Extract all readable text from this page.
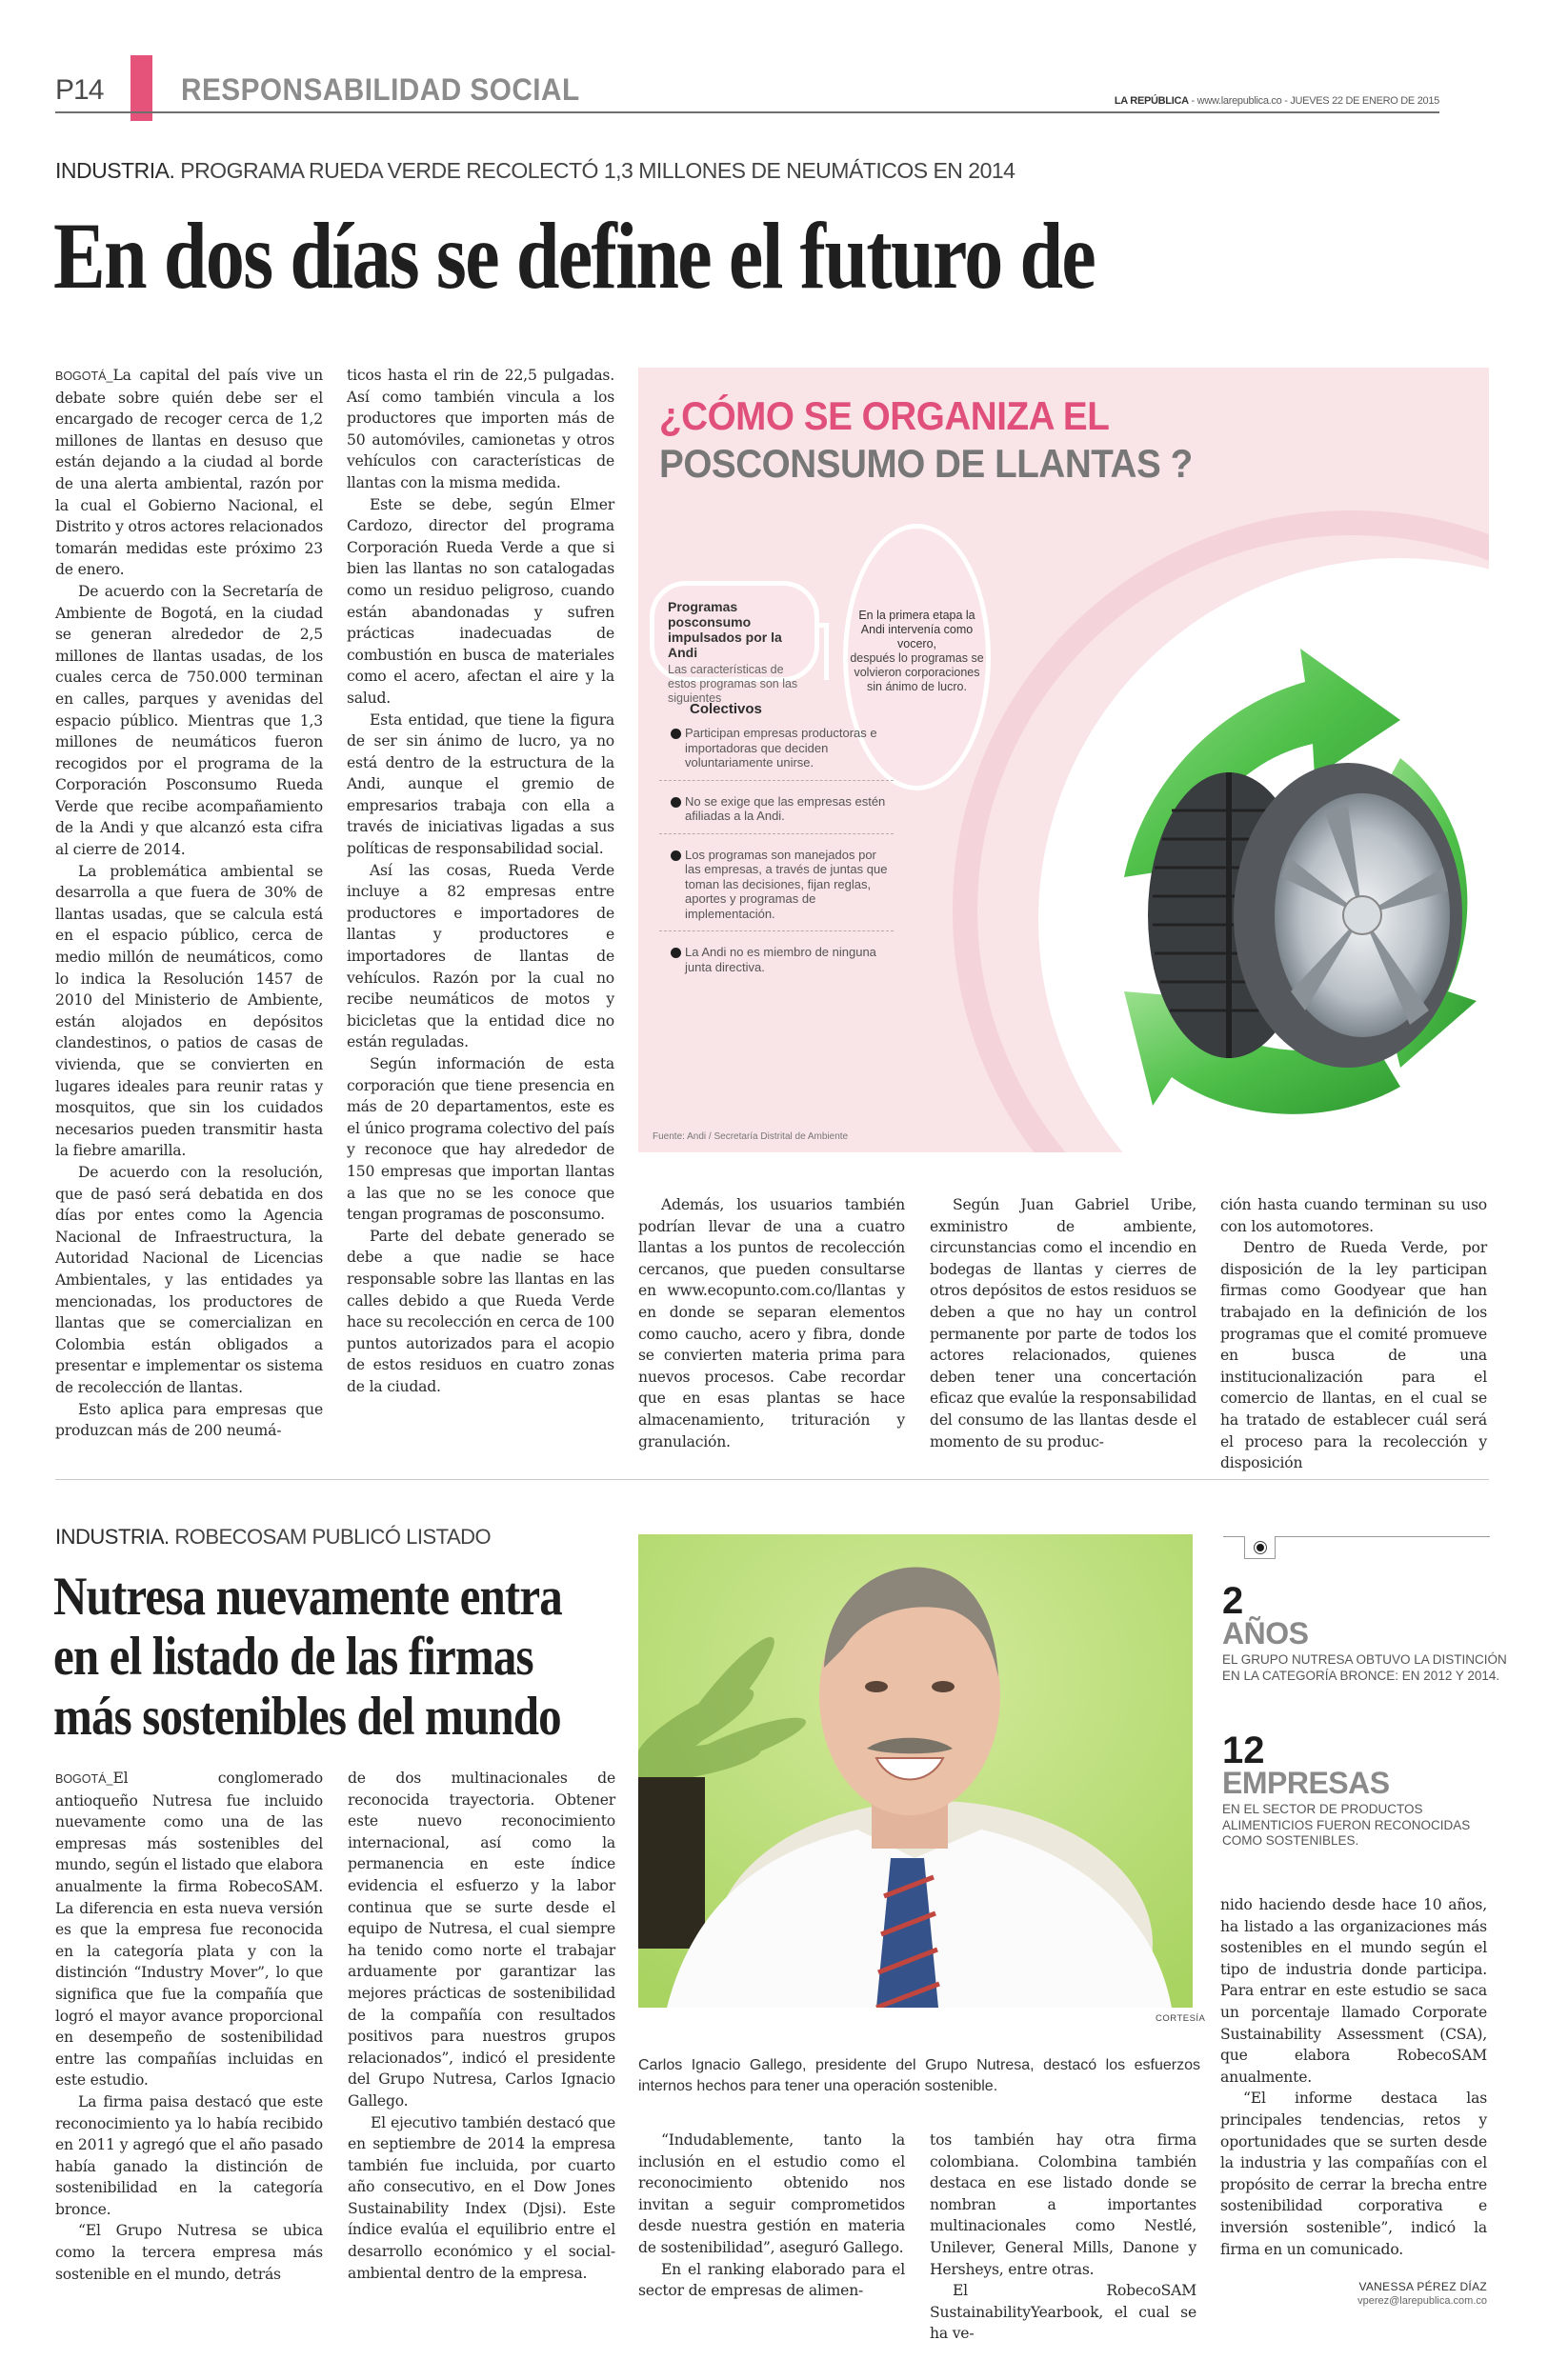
P14	RESPONSABILIDAD SOCIAL	LA REPÚBLICA - www.larepublica.co - JUEVES 22 DE ENERO DE 2015
INDUSTRIA. PROGRAMA RUEDA VERDE RECOLECTÓ 1,3 MILLONES DE NEUMÁTICOS EN 2014
En dos días se define el futuro de

BOGOTÁ_La capital del país vive un debate sobre quién debe ser el encargado de recoger cerca de 1,2 millones de llantas en desuso que están dejando a la ciudad al borde de una alerta ambiental, razón por la cual el Gobierno Nacional, el Distrito y otros actores relacionados tomarán medidas este próximo 23 de enero.

De acuerdo con la Secretaría de Ambiente de Bogotá, en la ciudad se generan alrededor de 2,5 millones de llantas usadas, de los cuales cerca de 750.000 terminan en calles, parques y avenidas del espacio público. Mientras que 1,3 millones de neumáticos fueron recogidos por el programa de la Corporación Posconsumo Rueda Verde que recibe acompañamiento de la Andi y que alcanzó esta cifra al cierre de 2014.

La problemática ambiental se desarrolla a que fuera de 30% de llantas usadas, que se calcula está en el espacio público, cerca de medio millón de neumáticos, como lo indica la Resolución 1457 de 2010 del Ministerio de Ambiente, están alojados en depósitos clandestinos, o patios de casas de vivienda, que se convierten en lugares ideales para reunir ratas y mosquitos, que sin los cuidados necesarios pueden transmitir hasta la fiebre amarilla.

De acuerdo con la resolución, que de pasó será debatida en dos días por entes como la Agencia Nacional de Infraestructura, la Autoridad Nacional de Licencias Ambientales, y las entidades ya mencionadas, los productores de llantas que se comercializan en Colombia están obligados a presentar e implementar os sistema de recolección de llantas.

Esto aplica para empresas que produzcan más de 200 neumá-

ticos hasta el rin de 22,5 pulgadas. Así como también vincula a los productores que importen más de 50 automóviles, camionetas y otros vehículos con características de llantas con la misma medida.

Este se debe, según Elmer Cardozo, director del programa Corporación Rueda Verde a que si bien las llantas no son catalogadas como un residuo peligroso, cuando están abandonadas y sufren prácticas inadecuadas de combustión en busca de materiales como el acero, afectan el aire y la salud.

Esta entidad, que tiene la figura de ser sin ánimo de lucro, ya no está dentro de la estructura de la Andi, aunque el gremio de empresarios trabaja con ella a través de iniciativas ligadas a sus políticas de responsabilidad social.

Así las cosas, Rueda Verde incluye a 82 empresas entre productores e importadores de llantas y productores e importadores de llantas de vehículos. Razón por la cual no recibe neumáticos de motos y bicicletas que la entidad dice no están reguladas.

Según información de esta corporación que tiene presencia en más de 20 departamentos, este es el único programa colectivo del país y reconoce que hay alrededor de 150 empresas que importan llantas a las que no se les conoce que tengan programas de posconsumo.

Parte del debate generado se debe a que nadie se hace responsable sobre las llantas en las calles debido a que Rueda Verde hace su recolección en cerca de 100 puntos autorizados para el acopio de estos residuos en cuatro zonas de la ciudad.

¿CÓMO SE ORGANIZA EL
POSCONSUMO DE LLANTAS ?
Programas posconsumo impulsados por la Andi
Las características de estos programas son las siguientes
En la primera etapa la Andi intervenía como vocero,
después lo programas se volvieron corporaciones sin ánimo de lucro.
Colectivos
Participan empresas productoras e importadoras que deciden voluntariamente unirse.
No se exige que las empresas estén afiliadas a la Andi.
Los programas son manejados por las empresas, a través de juntas que toman las decisiones, fijan reglas, aportes y programas de implementación.
La Andi no es miembro de ninguna junta directiva.
Fuente: Andi / Secretaría Distrital de Ambiente

Además, los usuarios también podrían llevar de una a cuatro llantas a los puntos de recolección cercanos, que pueden consultarse en www.ecopunto.com.co/llantas y en donde se separan elementos como caucho, acero y fibra, donde se convierten materia prima para nuevos procesos. Cabe recordar que en esas plantas se hace almacenamiento, trituración y granulación.

Según Juan Gabriel Uribe, exministro de ambiente, circunstancias como el incendio en bodegas de llantas y cierres de otros depósitos de estos residuos se deben a que no hay un control permanente por parte de todos los actores relacionados, quienes deben tener una concertación eficaz que evalúe la responsabilidad del consumo de las llantas desde el momento de su produc-

ción hasta cuando terminan su uso con los automotores.

Dentro de Rueda Verde, por disposición de la ley participan firmas como Goodyear que han trabajado en la definición de los programas que el comité promueve en busca de una institucionalización para el comercio de llantas, en el cual se ha tratado de establecer cuál será el proceso para la recolección y disposición

INDUSTRIA. ROBECOSAM PUBLICÓ LISTADO
Nutresa nuevamente entra
en el listado de las firmas
más sostenibles del mundo

BOGOTÁ_El conglomerado antioqueño Nutresa fue incluido nuevamente como una de las empresas más sostenibles del mundo, según el listado que elabora anualmente la firma RobecoSAM. La diferencia en esta nueva versión es que la empresa fue reconocida en la categoría plata y con la distinción “Industry Mover”, lo que significa que fue la compañía que logró el mayor avance proporcional en desempeño de sostenibilidad entre las compañías incluidas en este estudio.

La firma paisa destacó que este reconocimiento ya lo había recibido en 2011 y agregó que el año pasado había ganado la distinción de sostenibilidad en la categoría bronce.

“El Grupo Nutresa se ubica como la tercera empresa más sostenible en el mundo, detrás

de dos multinacionales de reconocida trayectoria. Obtener este nuevo reconocimiento internacional, así como la permanencia en este índice evidencia el esfuerzo y la labor continua que se surte desde el equipo de Nutresa, el cual siempre ha tenido como norte el trabajar arduamente por garantizar las mejores prácticas de sostenibilidad de la compañía con resultados positivos para nuestros grupos relacionados”, indicó el presidente del Grupo Nutresa, Carlos Ignacio Gallego.

El ejecutivo también destacó que en septiembre de 2014 la empresa también fue incluida, por cuarto año consecutivo, en el Dow Jones Sustainability Index (Djsi). Este índice evalúa el equilibrio entre el desarrollo económico y el social-ambiental dentro de la empresa.

CORTESÍA
Carlos Ignacio Gallego, presidente del Grupo Nutresa, destacó los esfuerzos internos hechos para tener una operación sostenible.
2
AÑOS
EL GRUPO NUTRESA OBTUVO LA DISTINCIÓN EN LA CATEGORÍA BRONCE: EN 2012 Y 2014.
12
EMPRESAS
EN EL SECTOR DE PRODUCTOS ALIMENTICIOS FUERON RECONOCIDAS COMO SOSTENIBLES.

“Indudablemente, tanto la inclusión en el estudio como el reconocimiento obtenido nos invitan a seguir comprometidos desde nuestra gestión en materia de sostenibilidad”, aseguró Gallego.

En el ranking elaborado para el sector de empresas de alimen-

tos también hay otra firma colombiana. Colombina también destaca en ese listado donde se nombran a importantes multinacionales como Nestlé, Unilever, General Mills, Danone y Hersheys, entre otras.

El RobecoSAM SustainabilityYearbook, el cual se ha ve-

nido haciendo desde hace 10 años, ha listado a las organizaciones más sostenibles en el mundo según el tipo de industria donde participa. Para entrar en este estudio se saca un porcentaje llamado Corporate Sustainability Assessment (CSA), que elabora RobecoSAM anualmente.

“El informe destaca las principales tendencias, retos y oportunidades que se surten desde la industria y las compañías con el propósito de cerrar la brecha entre sostenibilidad corporativa e inversión sostenible”, indicó la firma en un comunicado.

VANESSA PÉREZ DÍAZ
vperez@larepublica.com.co
